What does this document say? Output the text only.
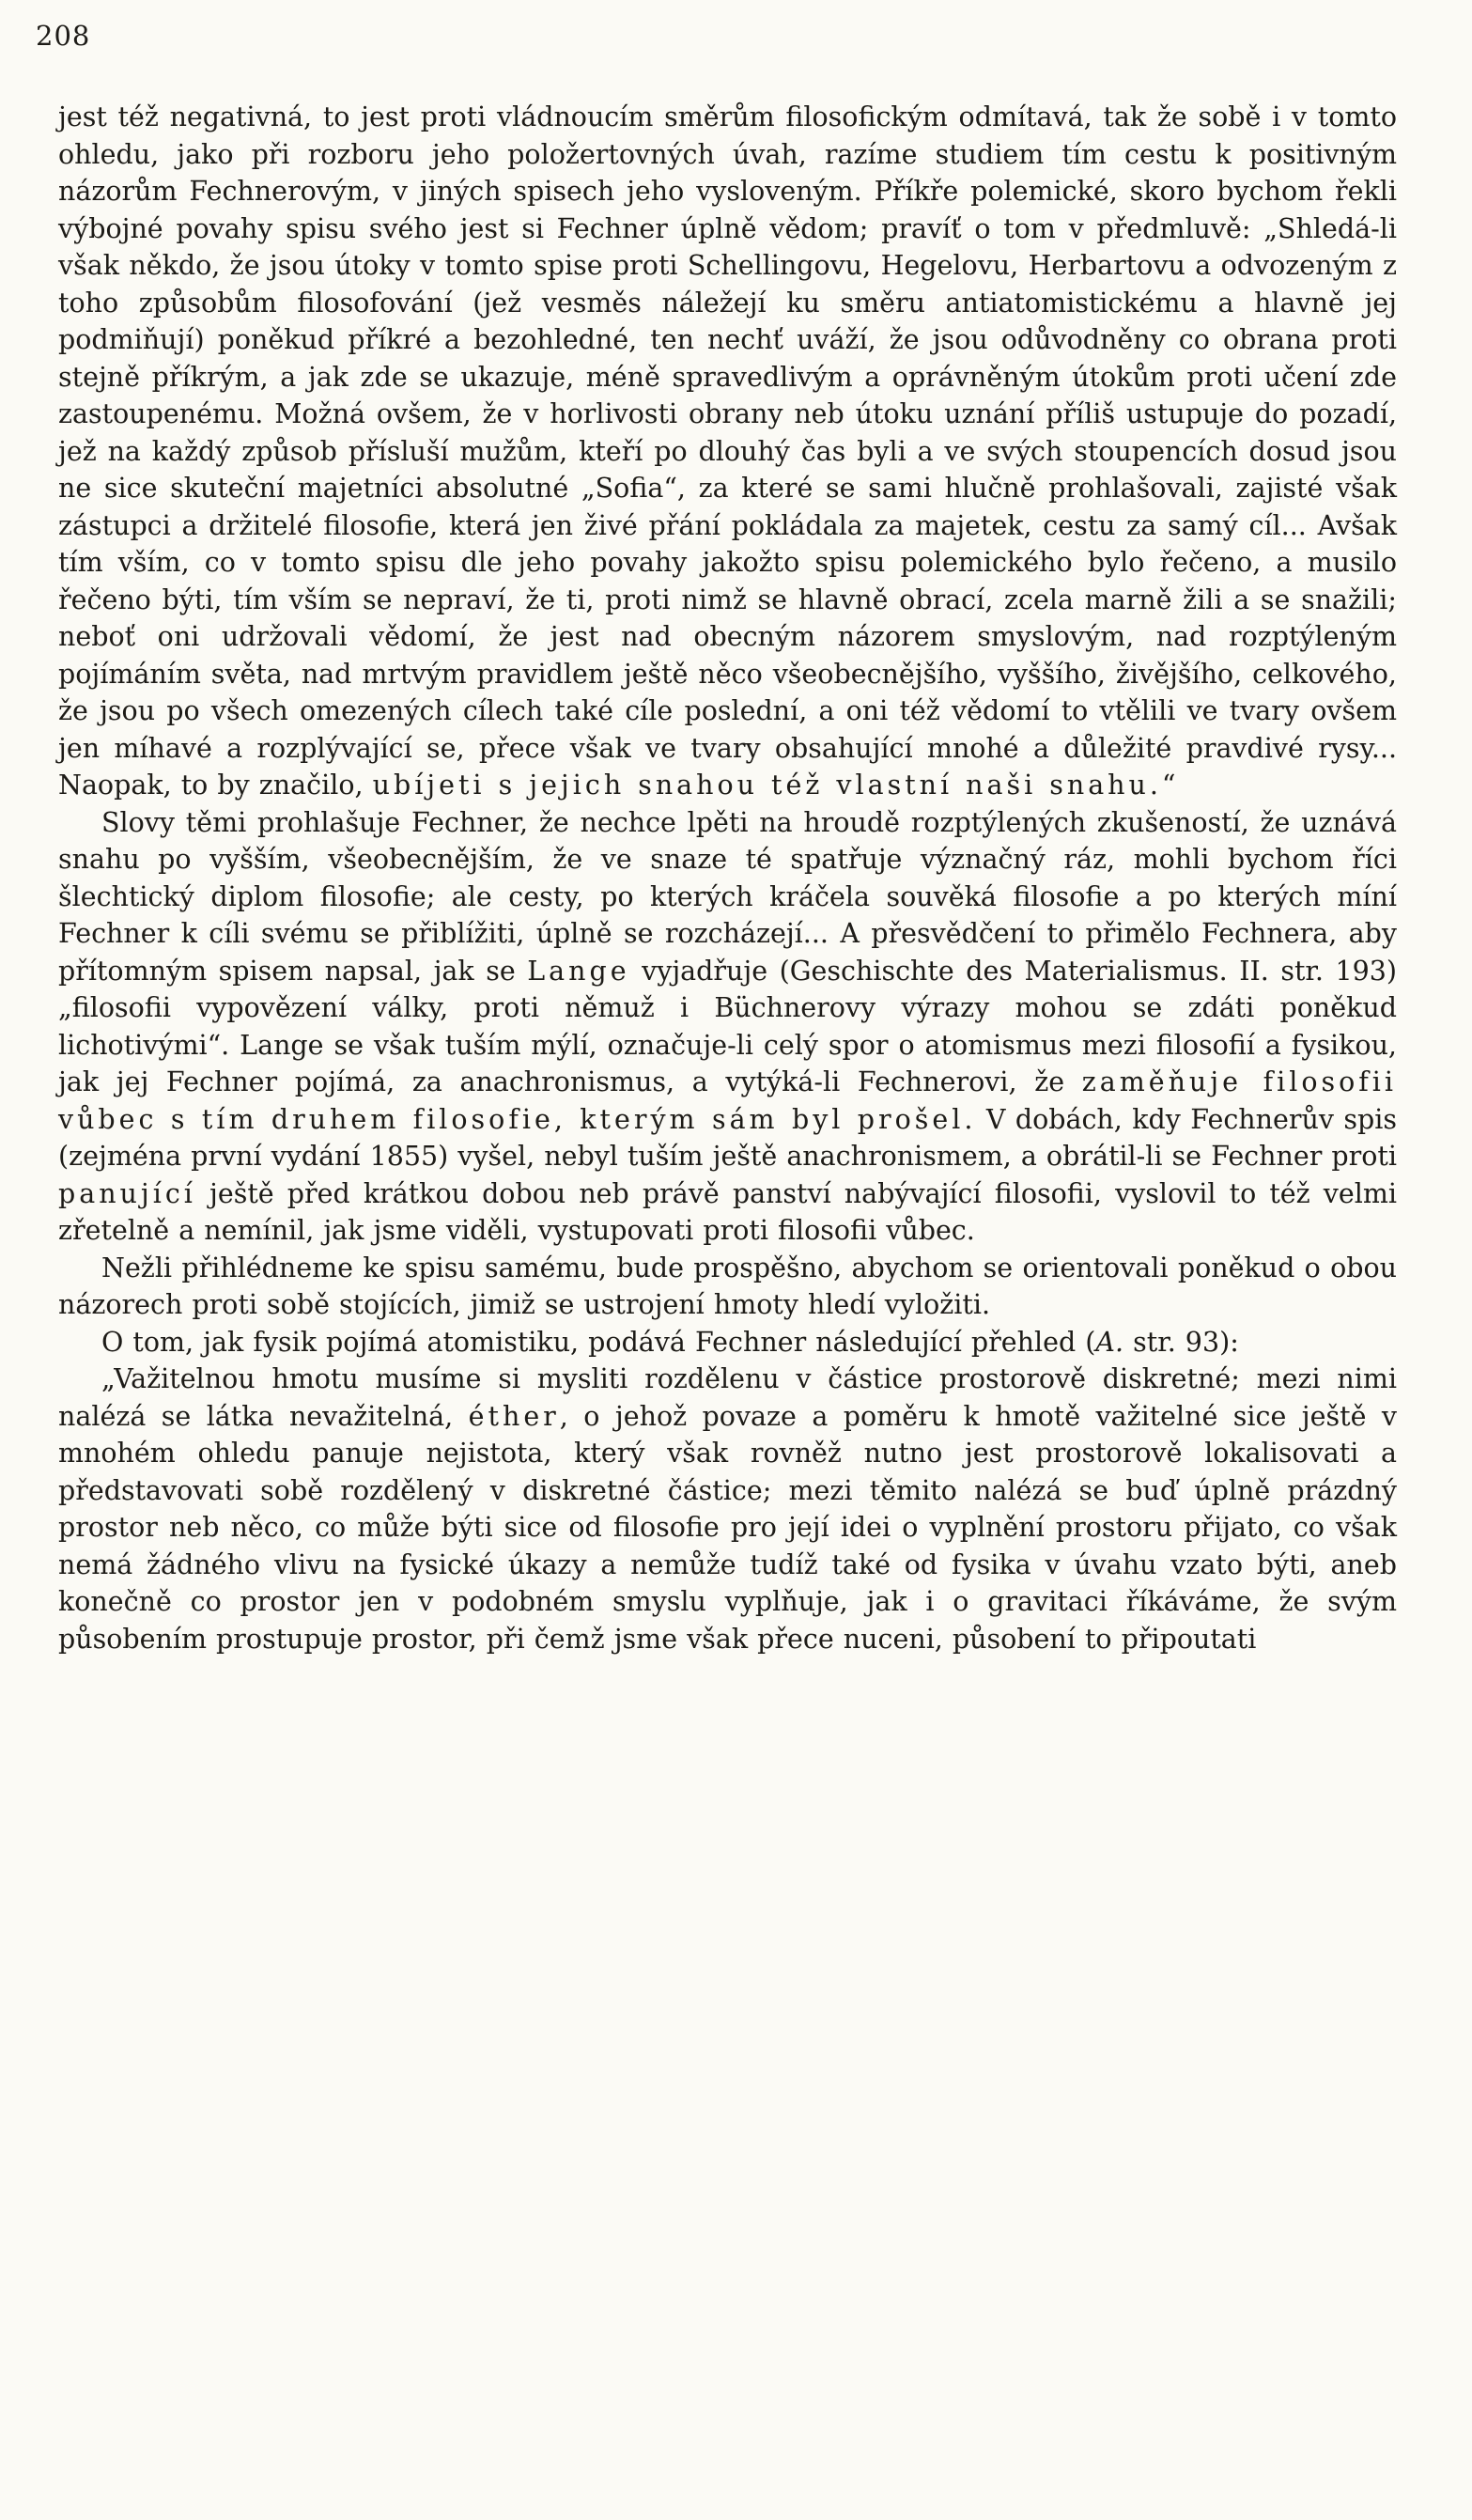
208

jest též negativná, to jest proti vládnoucím směrům filosofickým odmítavá, tak že sobě i v tomto ohledu, jako při rozboru jeho položertovných úvah, razíme studiem tím cestu k positivným názorům Fechnerovým, v jiných spisech jeho vysloveným. Příkře polemické, skoro bychom řekli výbojné povahy spisu svého jest si Fechner úplně vědom; pravíť o tom v předmluvě: „Shledá-li však někdo, že jsou útoky v tomto spise proti Schellingovu, Hegelovu, Herbartovu a odvozeným z toho způsobům filosofování (jež vesměs náležejí ku směru antiatomistickému a hlavně jej podmiňují) poněkud příkré a bezohledné, ten nechť uváží, že jsou odůvodněny co obrana proti stejně příkrým, a jak zde se ukazuje, méně spravedlivým a oprávněným útokům proti učení zde zastoupenému. Možná ovšem, že v horlivosti obrany neb útoku uznání příliš ustupuje do pozadí, jež na každý způsob přísluší mužům, kteří po dlouhý čas byli a ve svých stoupencích dosud jsou ne sice skuteční majetníci absolutné „Sofia“, za které se sami hlučně prohlašovali, zajisté však zástupci a držitelé filosofie, která jen živé přání pokládala za majetek, cestu za samý cíl... Avšak tím vším, co v tomto spisu dle jeho povahy jakožto spisu polemického bylo řečeno, a musilo řečeno býti, tím vším se nepraví, že ti, proti nimž se hlavně obrací, zcela marně žili a se snažili; neboť oni udržovali vědomí, že jest nad obecným názorem smyslovým, nad rozptýleným pojímáním světa, nad mrtvým pravidlem ještě něco všeobecnějšího, vyššího, živějšího, celkového, že jsou po všech omezených cílech také cíle poslední, a oni též vědomí to vtělili ve tvary ovšem jen míhavé a rozplývající se, přece však ve tvary obsahující mnohé a důležité pravdivé rysy... Naopak, to by značilo, ubíjeti s jejich snahou též vlastní naši snahu.“

Slovy těmi prohlašuje Fechner, že nechce lpěti na hroudě rozptýlených zkušeností, že uznává snahu po vyšším, všeobecnějším, že ve snaze té spatřuje význačný ráz, mohli bychom říci šlechtický diplom filosofie; ale cesty, po kterých kráčela souvěká filosofie a po kterých míní Fechner k cíli svému se přiblížiti, úplně se rozcházejí... A přesvědčení to přimělo Fechnera, aby přítomným spisem napsal, jak se Lange vyjadřuje (Geschischte des Materialismus. II. str. 193) „filosofii vypovězení války, proti němuž i Büchnerovy výrazy mohou se zdáti poněkud lichotivými“. Lange se však tuším mýlí, označuje-li celý spor o atomismus mezi filosofií a fysikou, jak jej Fechner pojímá, za anachronismus, a vytýká-li Fechnerovi, že zaměňuje filosofii vůbec s tím druhem filosofie, kterým sám byl prošel. V dobách, kdy Fechnerův spis (zejména první vydání 1855) vyšel, nebyl tuším ještě anachronismem, a obrátil-li se Fechner proti panující ještě před krátkou dobou neb právě panství nabývající filosofii, vyslovil to též velmi zřetelně a nemínil, jak jsme viděli, vystupovati proti filosofii vůbec.

Nežli přihlédneme ke spisu samému, bude prospěšno, abychom se orientovali poněkud o obou názorech proti sobě stojících, jimiž se ustrojení hmoty hledí vyložiti.

O tom, jak fysik pojímá atomistiku, podává Fechner následující přehled (A. str. 93):

„Važitelnou hmotu musíme si mysliti rozdělenu v částice prostorově diskretné; mezi nimi nalézá se látka nevažitelná, éther, o jehož povaze a poměru k hmotě važitelné sice ještě v mnohém ohledu panuje nejistota, který však rovněž nutno jest prostorově lokalisovati a představovati sobě rozdělený v diskretné částice; mezi těmito nalézá se buď úplně prázdný prostor neb něco, co může býti sice od filosofie pro její idei o vyplnění prostoru přijato, co však nemá žádného vlivu na fysické úkazy a nemůže tudíž také od fysika v úvahu vzato býti, aneb konečně co prostor jen v podobném smyslu vyplňuje, jak i o gravitaci říkáváme, že svým působením prostupuje prostor, při čemž jsme však přece nuceni, působení to připoutati
